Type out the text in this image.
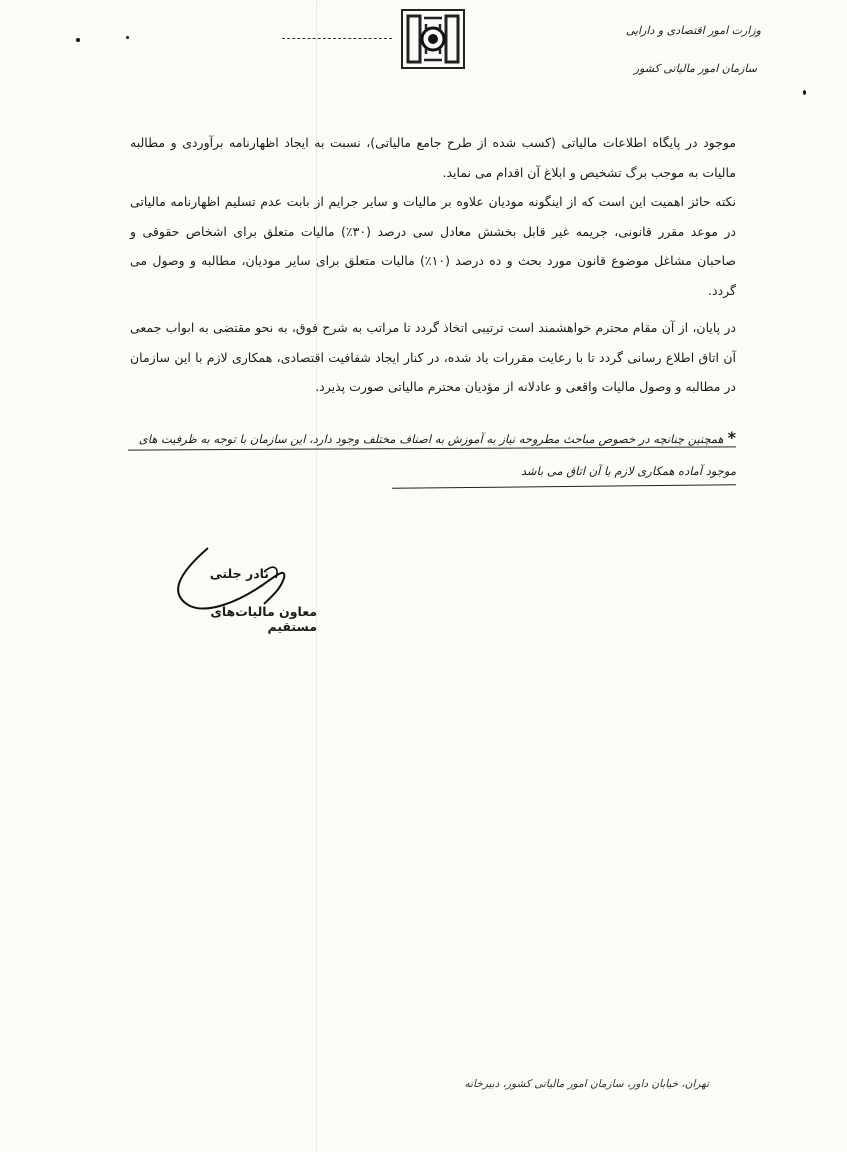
وزارت امور اقتصادی و دارایی
سازمان امور مالیاتی کشور

موجود در پایگاه اطلاعات مالیاتی (کسب شده از طرح جامع مالیاتی)، نسبت به ایجاد اظهارنامه برآوردی و مطالبه مالیات به موجب برگ تشخیص و ابلاغ آن اقدام می نماید.

نکته حائز اهمیت این است که از اینگونه مودیان علاوه بر مالیات و سایر جرایم از بابت عدم تسلیم اظهارنامه مالیاتی در موعد مقرر قانونی، جریمه غیر قابل بخشش معادل سی درصد (۳۰٪) مالیات متعلق برای اشخاص حقوقی و صاحبان مشاغل موضوع قانون مورد بحث و ده درصد (۱۰٪) مالیات متعلق برای سایر مودیان، مطالبه و وصول می گردد.

در پایان، از آن مقام محترم خواهشمند است ترتیبی اتخاذ گردد تا مراتب به شرح فوق، به نحو مقتضی به ابواب جمعی آن اتاق اطلاع رسانی گردد تا با رعایت مقررات یاد شده، در کنار ایجاد شفافیت اقتصادی، همکاری لازم با این سازمان در مطالبه و وصول مالیات واقعی و عادلانه از مؤدیان محترم مالیاتی صورت پذیرد.

*همچنین چنانچه در خصوص مباحث مطروحه نیاز به آموزش به اصناف مختلف وجود دارد، این سازمان با توجه به ظرفیت های موجود آماده همکاری لازم با آن اتاق می باشد
نادر جلتی
معاون مالیات‌های مستقیم
تهران، خیابان داور، سازمان امور مالیاتی کشور، دبیرخانه
